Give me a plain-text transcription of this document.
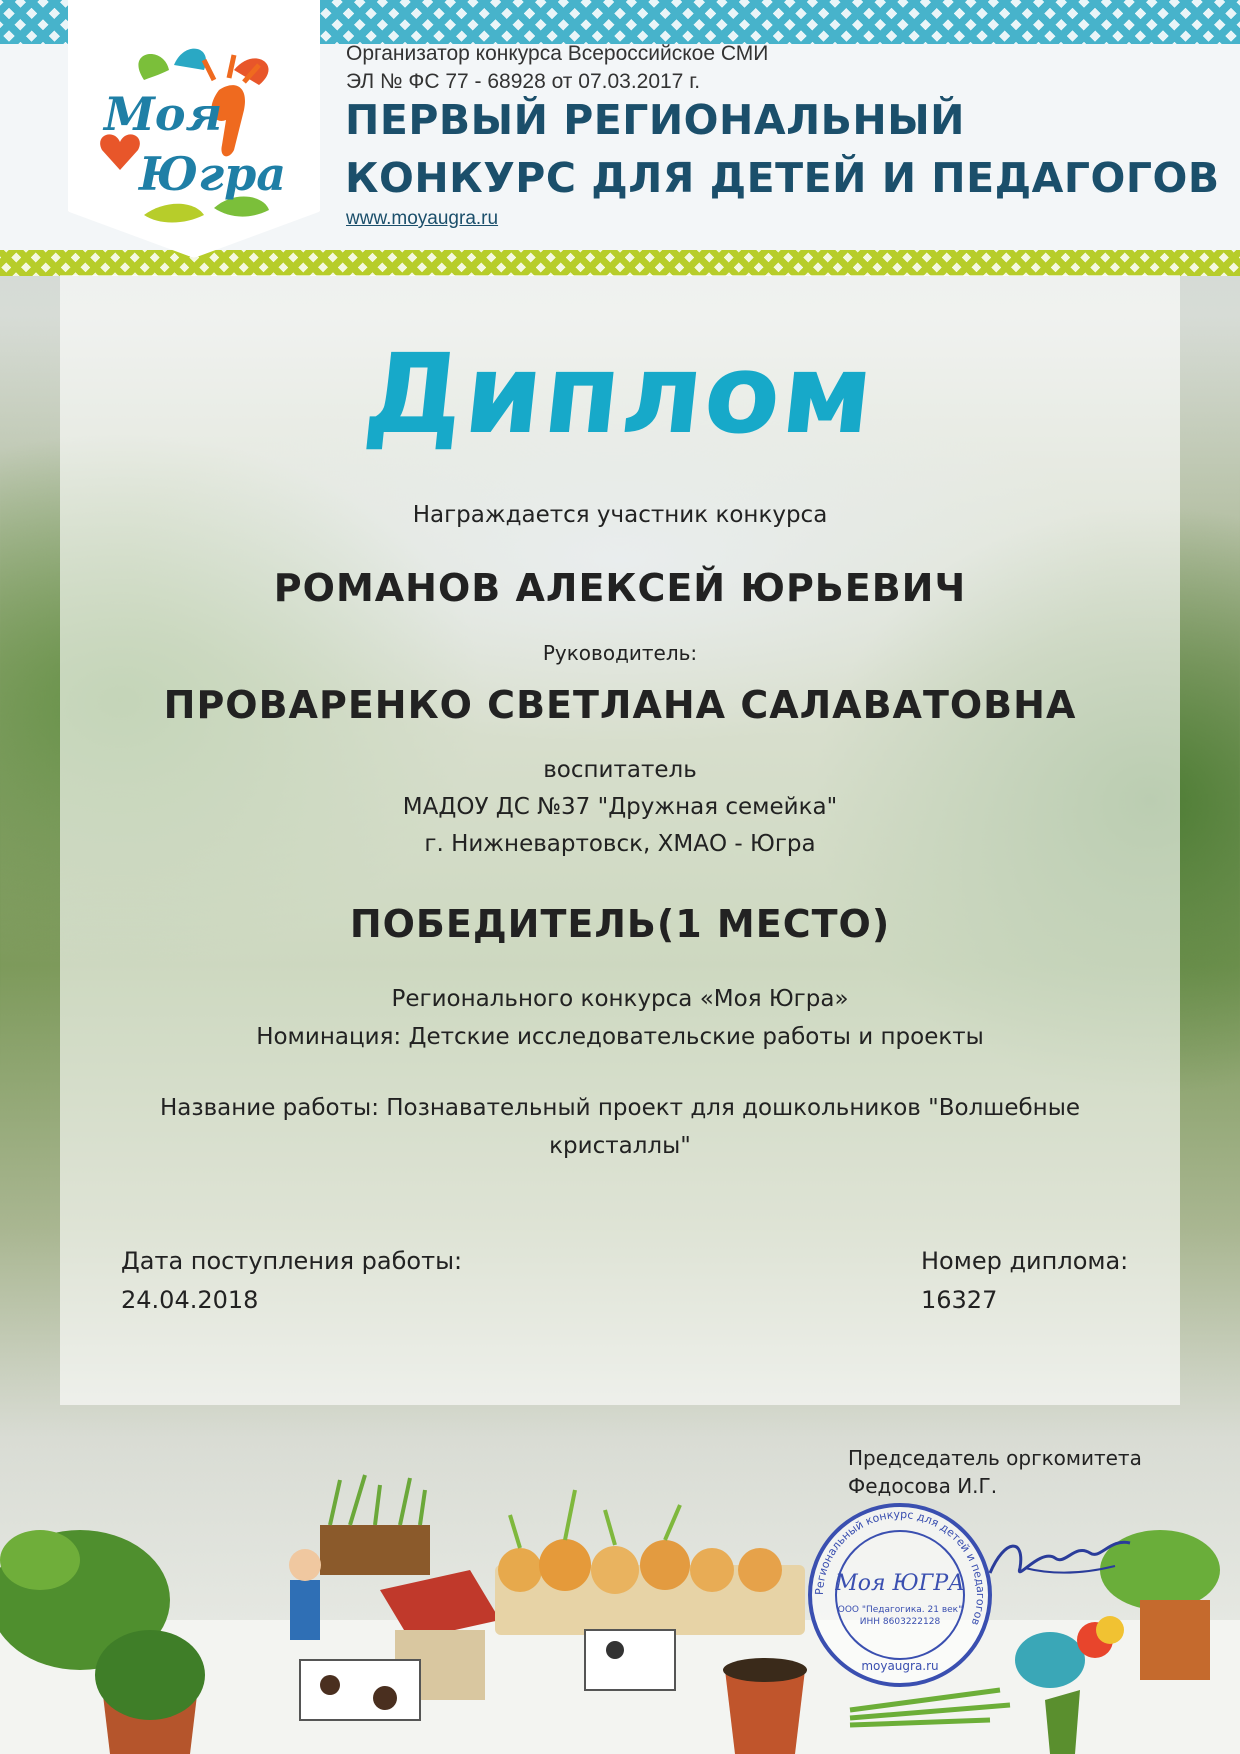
Моя
Югра
Организатор конкурса Всероссийское СМИ
ЭЛ № ФС 77 - 68928 от 07.03.2017 г.
ПЕРВЫЙ РЕГИОНАЛЬНЫЙ
КОНКУРС ДЛЯ ДЕТЕЙ И ПЕДАГОГОВ
www.moyaugra.ru
Диплом
Награждается участник конкурса
РОМАНОВ АЛЕКСЕЙ ЮРЬЕВИЧ
Руководитель:
ПРОВАРЕНКО СВЕТЛАНА САЛАВАТОВНА
воспитатель
МАДОУ ДС №37 "Дружная семейка"
г. Нижневартовск, ХМАО - Югра
ПОБЕДИТЕЛЬ(1 МЕСТО)
Регионального конкурса «Моя Югра»
Номинация: Детские исследовательские работы и проекты
Название работы: Познавательный проект для дошкольников "Волшебные
кристаллы"
Дата поступления работы:
24.04.2018
Номер диплома:
16327
Председатель оргкомитета
Федосова И.Г.
Региональный конкурс для детей и педагогов
Моя ЮГРА
ООО "Педагогика. 21 век"
ИНН 8603222128
moyaugra.ru
